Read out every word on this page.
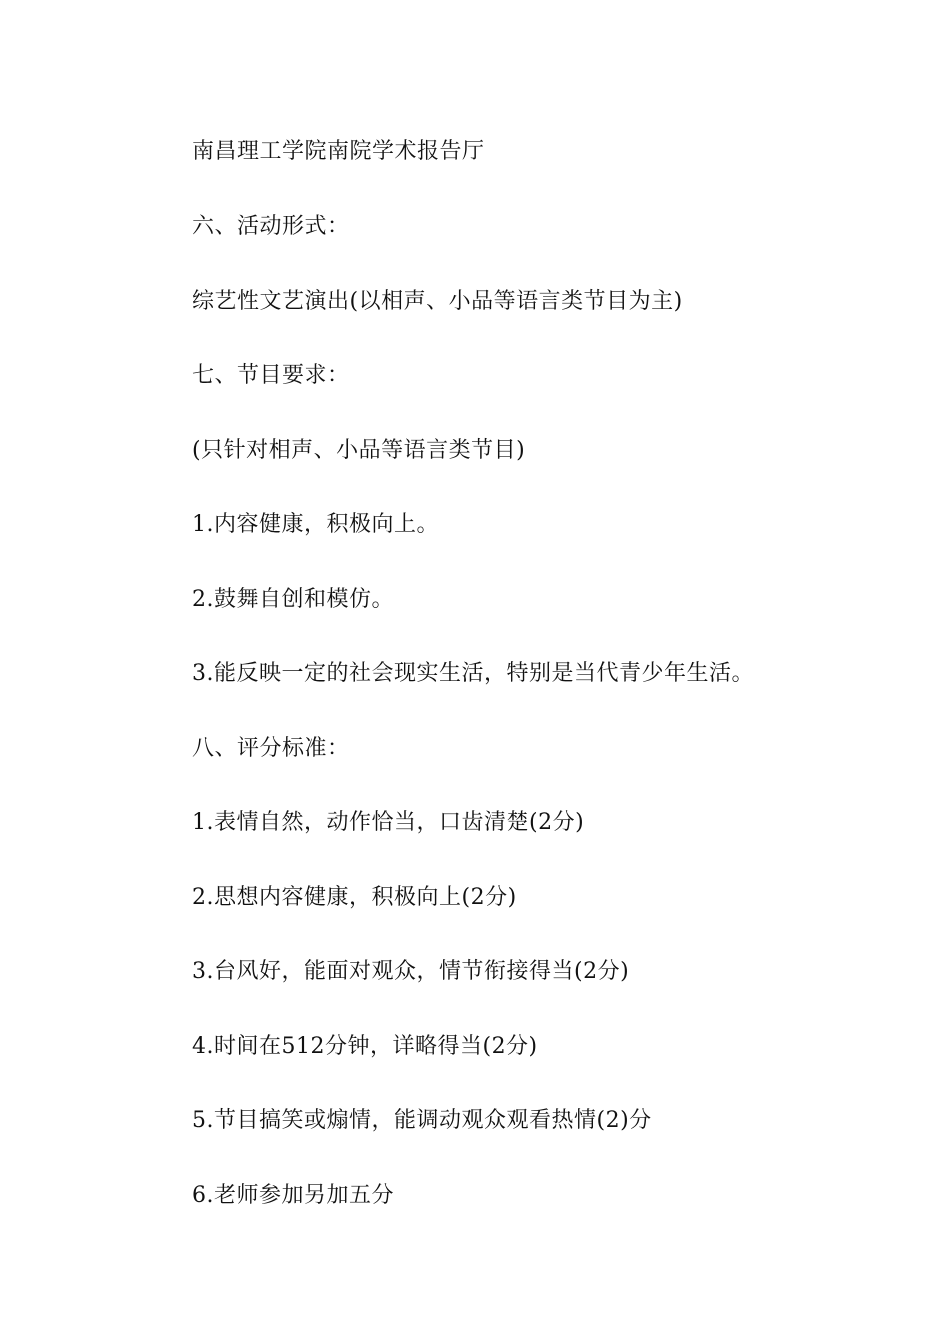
南昌理工学院南院学术报告厅

六、活动形式：

综艺性文艺演出(以相声、小品等语言类节目为主)

七、节目要求：

(只针对相声、小品等语言类节目)

1.内容健康，积极向上。

2.鼓舞自创和模仿。

3.能反映一定的社会现实生活，特别是当代青少年生活。

八、评分标准：

1.表情自然，动作恰当，口齿清楚(2分)

2.思想内容健康，积极向上(2分)

3.台风好，能面对观众，情节衔接得当(2分)

4.时间在512分钟，详略得当(2分)

5.节目搞笑或煽情，能调动观众观看热情(2)分

6.老师参加另加五分
